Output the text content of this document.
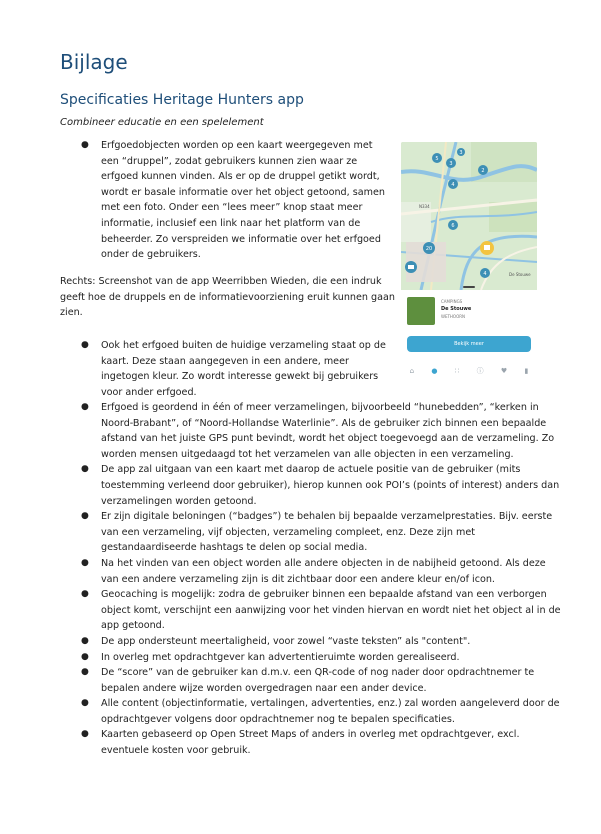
Bijlage
Specificaties Heritage Hunters app

Combineer educatie en een spelelement

● Erfgoedobjecten worden op een kaart weergegeven met een “druppel”, zodat gebruikers kunnen zien waar ze erfgoed kunnen vinden. Als er op de druppel getikt wordt, wordt er basale informatie over het object getoond, samen met een foto. Onder een “lees meer” knop staat meer informatie, inclusief een link naar het platform van de beheerder. Zo verspreiden we informatie over het erfgoed onder de gebruikers.

Rechts: Screenshot van de app Weerribben Wieden, die een indruk geeft hoe de druppels en de informatievoorziening eruit kunnen gaan zien.

● Ook het erfgoed buiten de huidige verzameling staat op de kaart. Deze staan aangegeven in een andere, meer ingetogen kleur. Zo wordt interesse gewekt bij gebruikers voor ander erfgoed.
● Erfgoed is geordend in één of meer verzamelingen, bijvoorbeeld “hunebedden”, “kerken in Noord-Brabant”, of “Noord-Hollandse Waterlinie”. Als de gebruiker zich binnen een bepaalde afstand van het juiste GPS punt bevindt, wordt het object toegevoegd aan de verzameling. Zo worden mensen uitgedaagd tot het verzamelen van alle objecten in een verzameling.
● De app zal uitgaan van een kaart met daarop de actuele positie van de gebruiker (mits toestemming verleend door gebruiker), hierop kunnen ook POI’s (points of interest) anders dan verzamelingen worden getoond.
● Er zijn digitale beloningen (“badges”) te behalen bij bepaalde verzamelprestaties. Bijv. eerste van een verzameling, vijf objecten, verzameling compleet, enz. Deze zijn met gestandaardiseerde hashtags te delen op social media.
● Na het vinden van een object worden alle andere objecten in de nabijheid getoond. Als deze van een andere verzameling zijn is dit zichtbaar door een andere kleur en/of icon.
● Geocaching is mogelijk: zodra de gebruiker binnen een bepaalde afstand van een verborgen object komt, verschijnt een aanwijzing voor het vinden hiervan en wordt niet het object al in de app getoond.
● De app ondersteunt meertaligheid, voor zowel “vaste teksten” als "content".
● In overleg met opdrachtgever kan advertentieruimte worden gerealiseerd.
● De “score” van de gebruiker kan d.m.v. een QR-code of nog nader door opdrachtnemer te bepalen andere wijze worden overgedragen naar een ander device.
● Alle content (objectinformatie, vertalingen, advertenties, enz.) zal worden aangeleverd door de opdrachtgever volgens door opdrachtnemer nog te bepalen specificaties.
● Kaarten gebaseerd op Open Street Maps of anders in overleg met opdrachtgever, excl. eventuele kosten voor gebruik.
5
3
4
2
3
6
20
4
N334
De Stouwe
CAMPINGS
De Stouwe
WETHOORN
Bekijk meer
⌂ ● ∷ ⓘ ♥ ▮
